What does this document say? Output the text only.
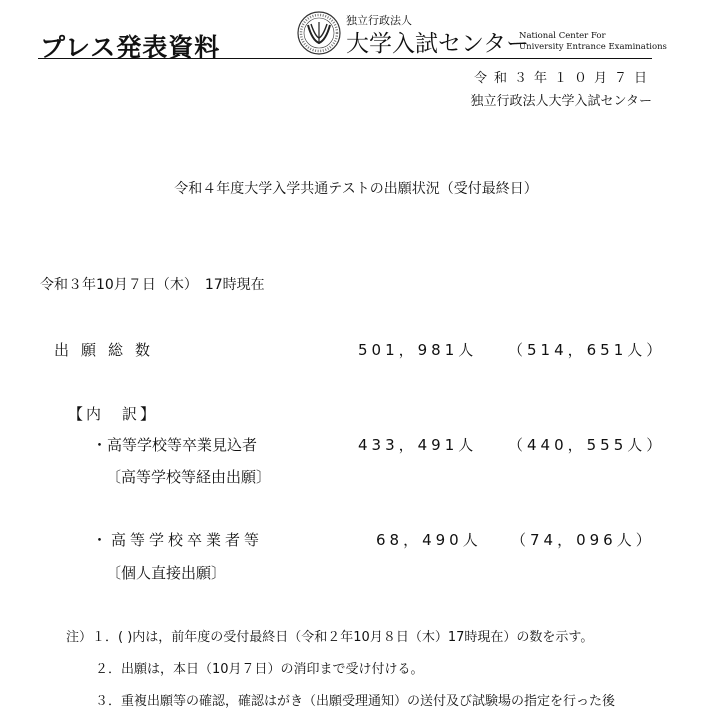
プレス発表資料
独立行政法人
大学入試センター
National Center For
University Entrance Examinations
令和３年１０月７日
独立行政法人大学入試センター
令和４年度大学入学共通テストの出願状況（受付最終日）
令和３年10月７日（木）　17時現在
出願総数	501，981人 （514，651人）
【内　訳】
・高等学校等卒業見込者	433，491人 （440，555人）
〔高等学校等経由出願〕
・高等学校卒業者等	68，490人 （74，096人）
〔個人直接出願〕
注）１．( )内は，前年度の受付最終日（令和２年10月８日（木）17時現在）の数を示す。
２．出願は，本日（10月７日）の消印まで受け付ける。
３．重複出願等の確認，確認はがき（出願受理通知）の送付及び試験場の指定を行った後
